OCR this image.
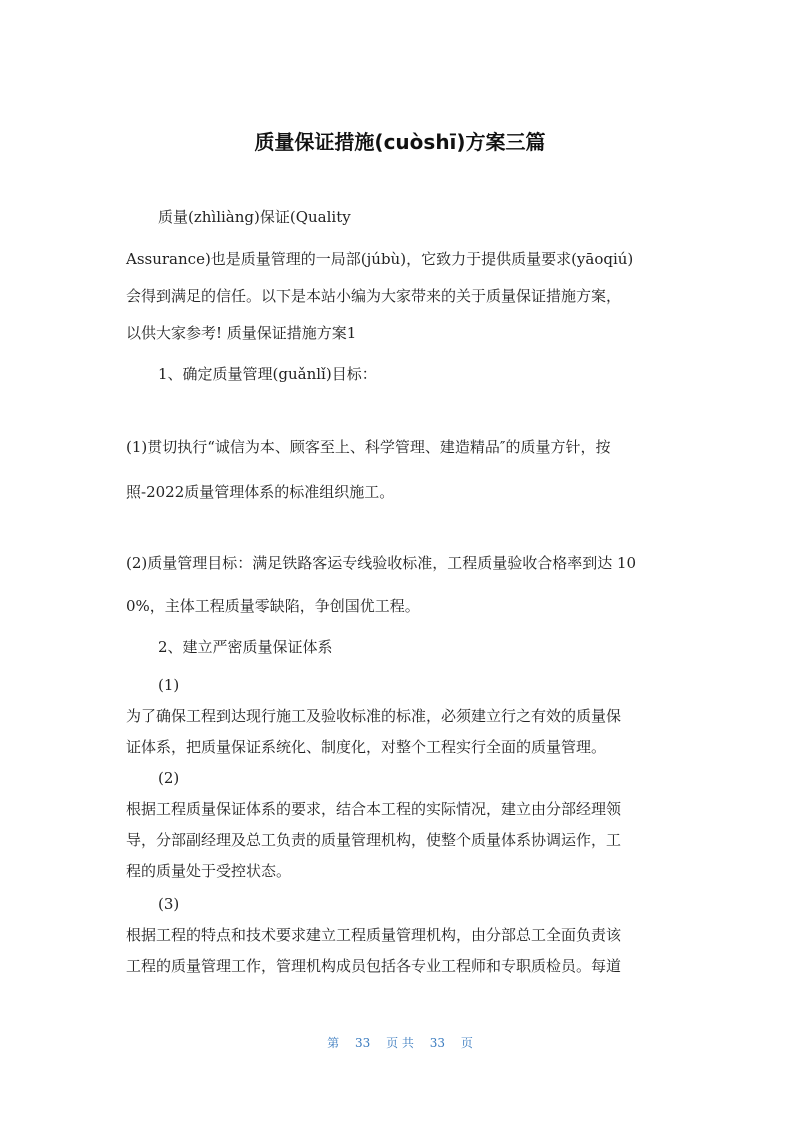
质量保证措施(cuòshī)方案三篇
质量(zhìliàng)保证(Quality
Assurance)也是质量管理的一局部(júbù)，它致力于提供质量要求(yāoqiú)
会得到满足的信任。以下是本站小编为大家带来的关于质量保证措施方案，
以供大家参考! 质量保证措施方案1
1、确定质量管理(guǎnlǐ)目标：
(1)贯切执行“诚信为本、顾客至上、科学管理、建造精品″的质量方针，按
照-2022质量管理体系的标准组织施工。
(2)质量管理目标：满足铁路客运专线验收标准，工程质量验收合格率到达 10
0%，主体工程质量零缺陷，争创国优工程。
2、建立严密质量保证体系
(1)
为了确保工程到达现行施工及验收标准的标准，必须建立行之有效的质量保
证体系，把质量保证系统化、制度化，对整个工程实行全面的质量管理。
(2)
根据工程质量保证体系的要求，结合本工程的实际情况，建立由分部经理领
导，分部副经理及总工负责的质量管理机构，使整个质量体系协调运作，工
程的质量处于受控状态。
(3)
根据工程的特点和技术要求建立工程质量管理机构，由分部总工全面负责该
工程的质量管理工作，管理机构成员包括各专业工程师和专职质检员。每道
第 33 页 共 33 页
